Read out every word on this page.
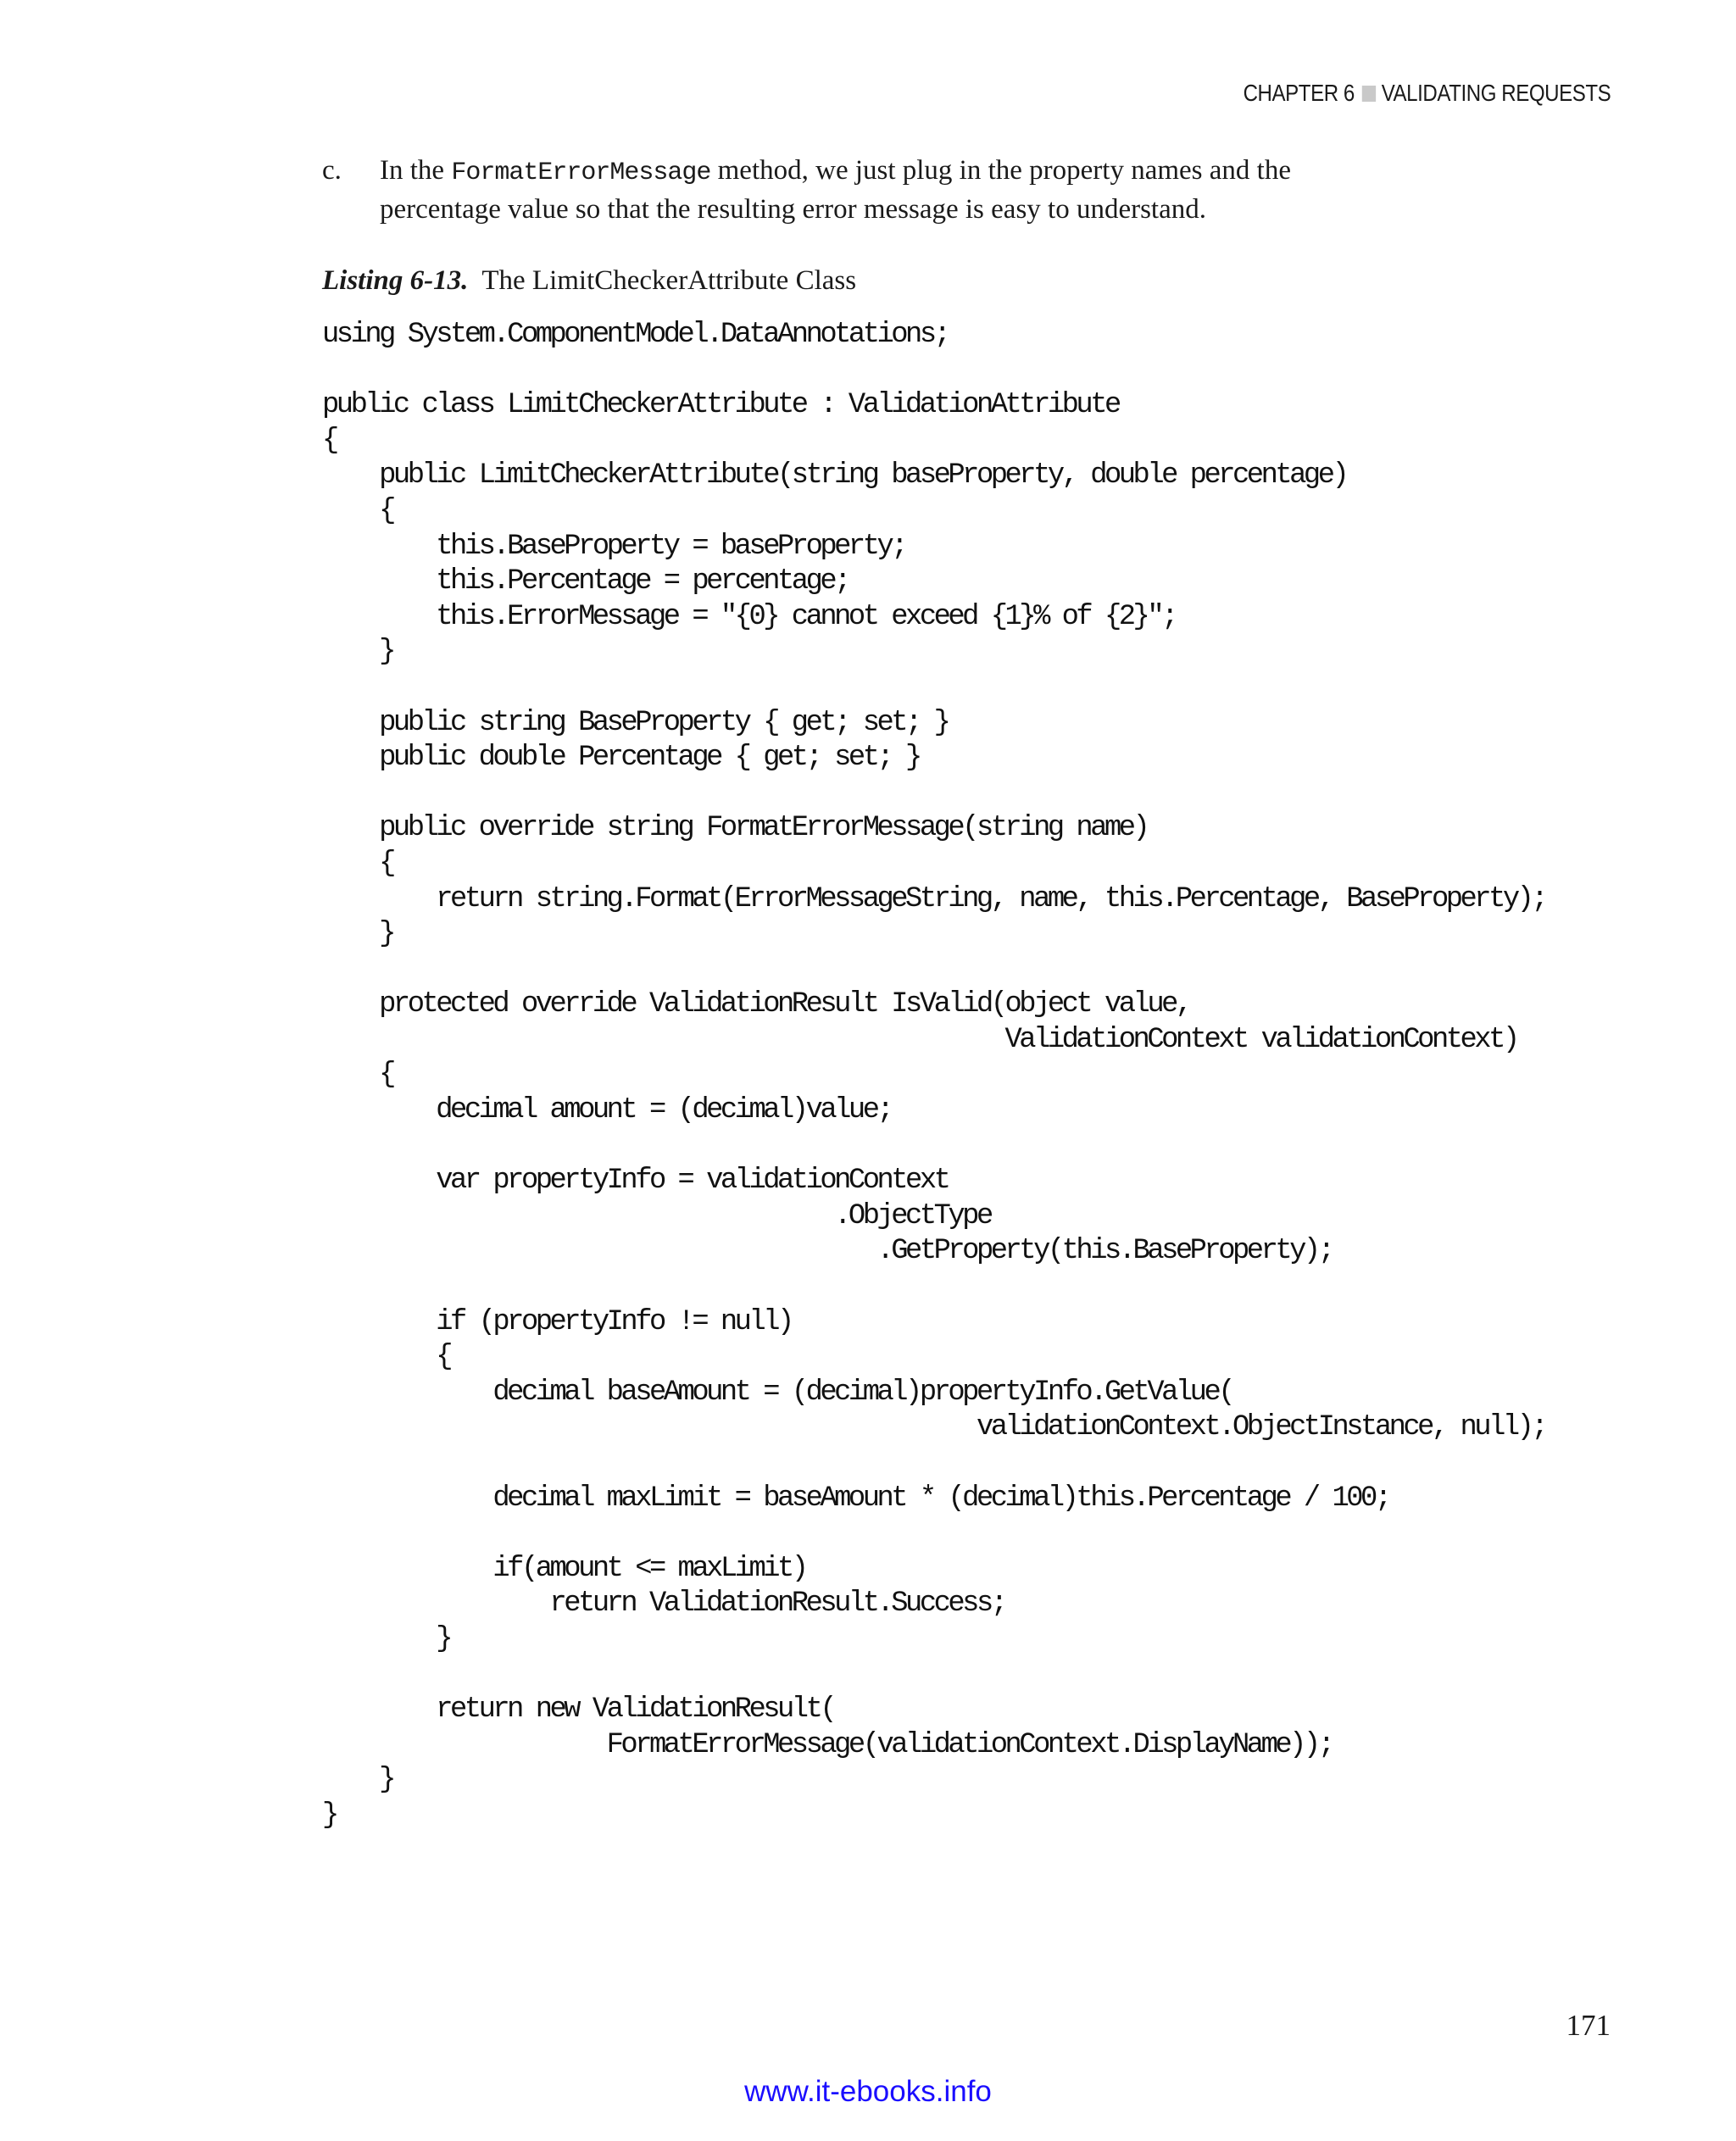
CHAPTER 6 VALIDATING REQUESTS
c. In the FormatErrorMessage method, we just plug in the property names and the
percentage value so that the resulting error message is easy to understand.
Listing 6-13. The LimitCheckerAttribute Class
using System.ComponentModel.DataAnnotations;

public class LimitCheckerAttribute : ValidationAttribute
{
public LimitCheckerAttribute(string baseProperty, double percentage)
{
this.BaseProperty = baseProperty;
this.Percentage = percentage;
this.ErrorMessage = "{0} cannot exceed {1}% of {2}";
}

public string BaseProperty { get; set; }
public double Percentage { get; set; }

public override string FormatErrorMessage(string name)
{
return string.Format(ErrorMessageString, name, this.Percentage, BaseProperty);
}

protected override ValidationResult IsValid(object value,
ValidationContext validationContext)
{
decimal amount = (decimal)value;

var propertyInfo = validationContext
.ObjectType
.GetProperty(this.BaseProperty);

if (propertyInfo != null)
{
decimal baseAmount = (decimal)propertyInfo.GetValue(
validationContext.ObjectInstance, null);

decimal maxLimit = baseAmount * (decimal)this.Percentage / 100;

if(amount <= maxLimit)
return ValidationResult.Success;
}

return new ValidationResult(
FormatErrorMessage(validationContext.DisplayName));
}
}
171
www.it-ebooks.info
